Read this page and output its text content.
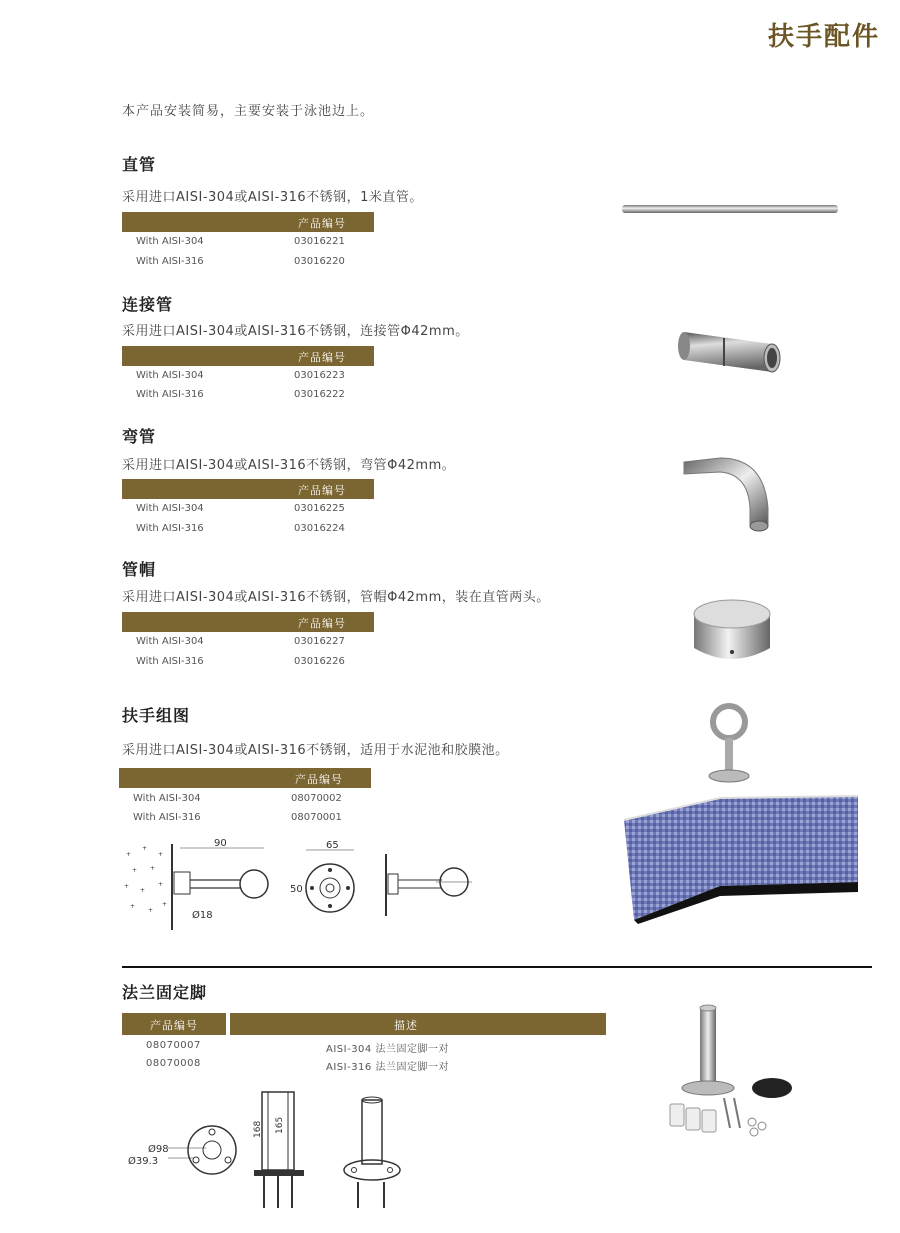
扶手配件
本产品安装简易，主要安装于泳池边上。
直管
采用进口AISI-304或AISI-316不锈钢，1米直管。
产品编号
With AISI-304	03016221
With AISI-316	03016220
连接管
采用进口AISI-304或AISI-316不锈钢，连接管Φ42mm。
产品编号
With AISI-304	03016223
With AISI-316	03016222
弯管
采用进口AISI-304或AISI-316不锈钢，弯管Φ42mm。
产品编号
With AISI-304	03016225
With AISI-316	03016224
管帽
采用进口AISI-304或AISI-316不锈钢，管帽Φ42mm，装在直管两头。
产品编号
With AISI-304	03016227
With AISI-316	03016226
扶手组图
采用进口AISI-304或AISI-316不锈钢，适用于水泥池和胶膜池。
产品编号
With AISI-304	08070002
With AISI-316	08070001
+
+
+
+ +
+
+
+
+
+
+
90
Ø18
65
50
法兰固定脚
产品编号	描述
08070007	AISI-304 法兰固定脚一对
08070008	AISI-316 法兰固定脚一对
Ø98
Ø39.3
168 165
